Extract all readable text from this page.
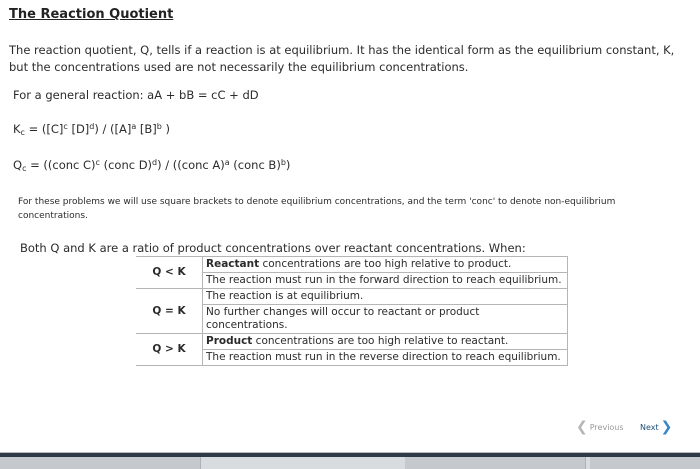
The Reaction Quotient
The reaction quotient, Q, tells if a reaction is at equilibrium. It has the identical form as the equilibrium constant, K, but the concentrations used are not necessarily the equilibrium concentrations.
For a general reaction: aA + bB = cC + dD
$K_c = ([C]^c$ $[D]^d) / ([A]^a$ $[B]^b$ )
$Q_c$ = ((conc C)$^c$ (conc D)$^d$) / ((conc A)$^a$ (conc B)$^b$)
For these problems we will use square brackets to denote equilibrium concentrations, and the term 'conc' to denote non-equilibrium concentrations.
Both Q and K are a ratio of product concentrations over reactant concentrations. When:
Q < K	Reactant concentrations are too high relative to product.
	The reaction must run in the forward direction to reach equilibrium.
Q = K	The reaction is at equilibrium.
	No further changes will occur to reactant or product concentrations.
Q > K	Product concentrations are too high relative to reactant.
	The reaction must run in the reverse direction to reach equilibrium.
❮ Previous Next ❯
